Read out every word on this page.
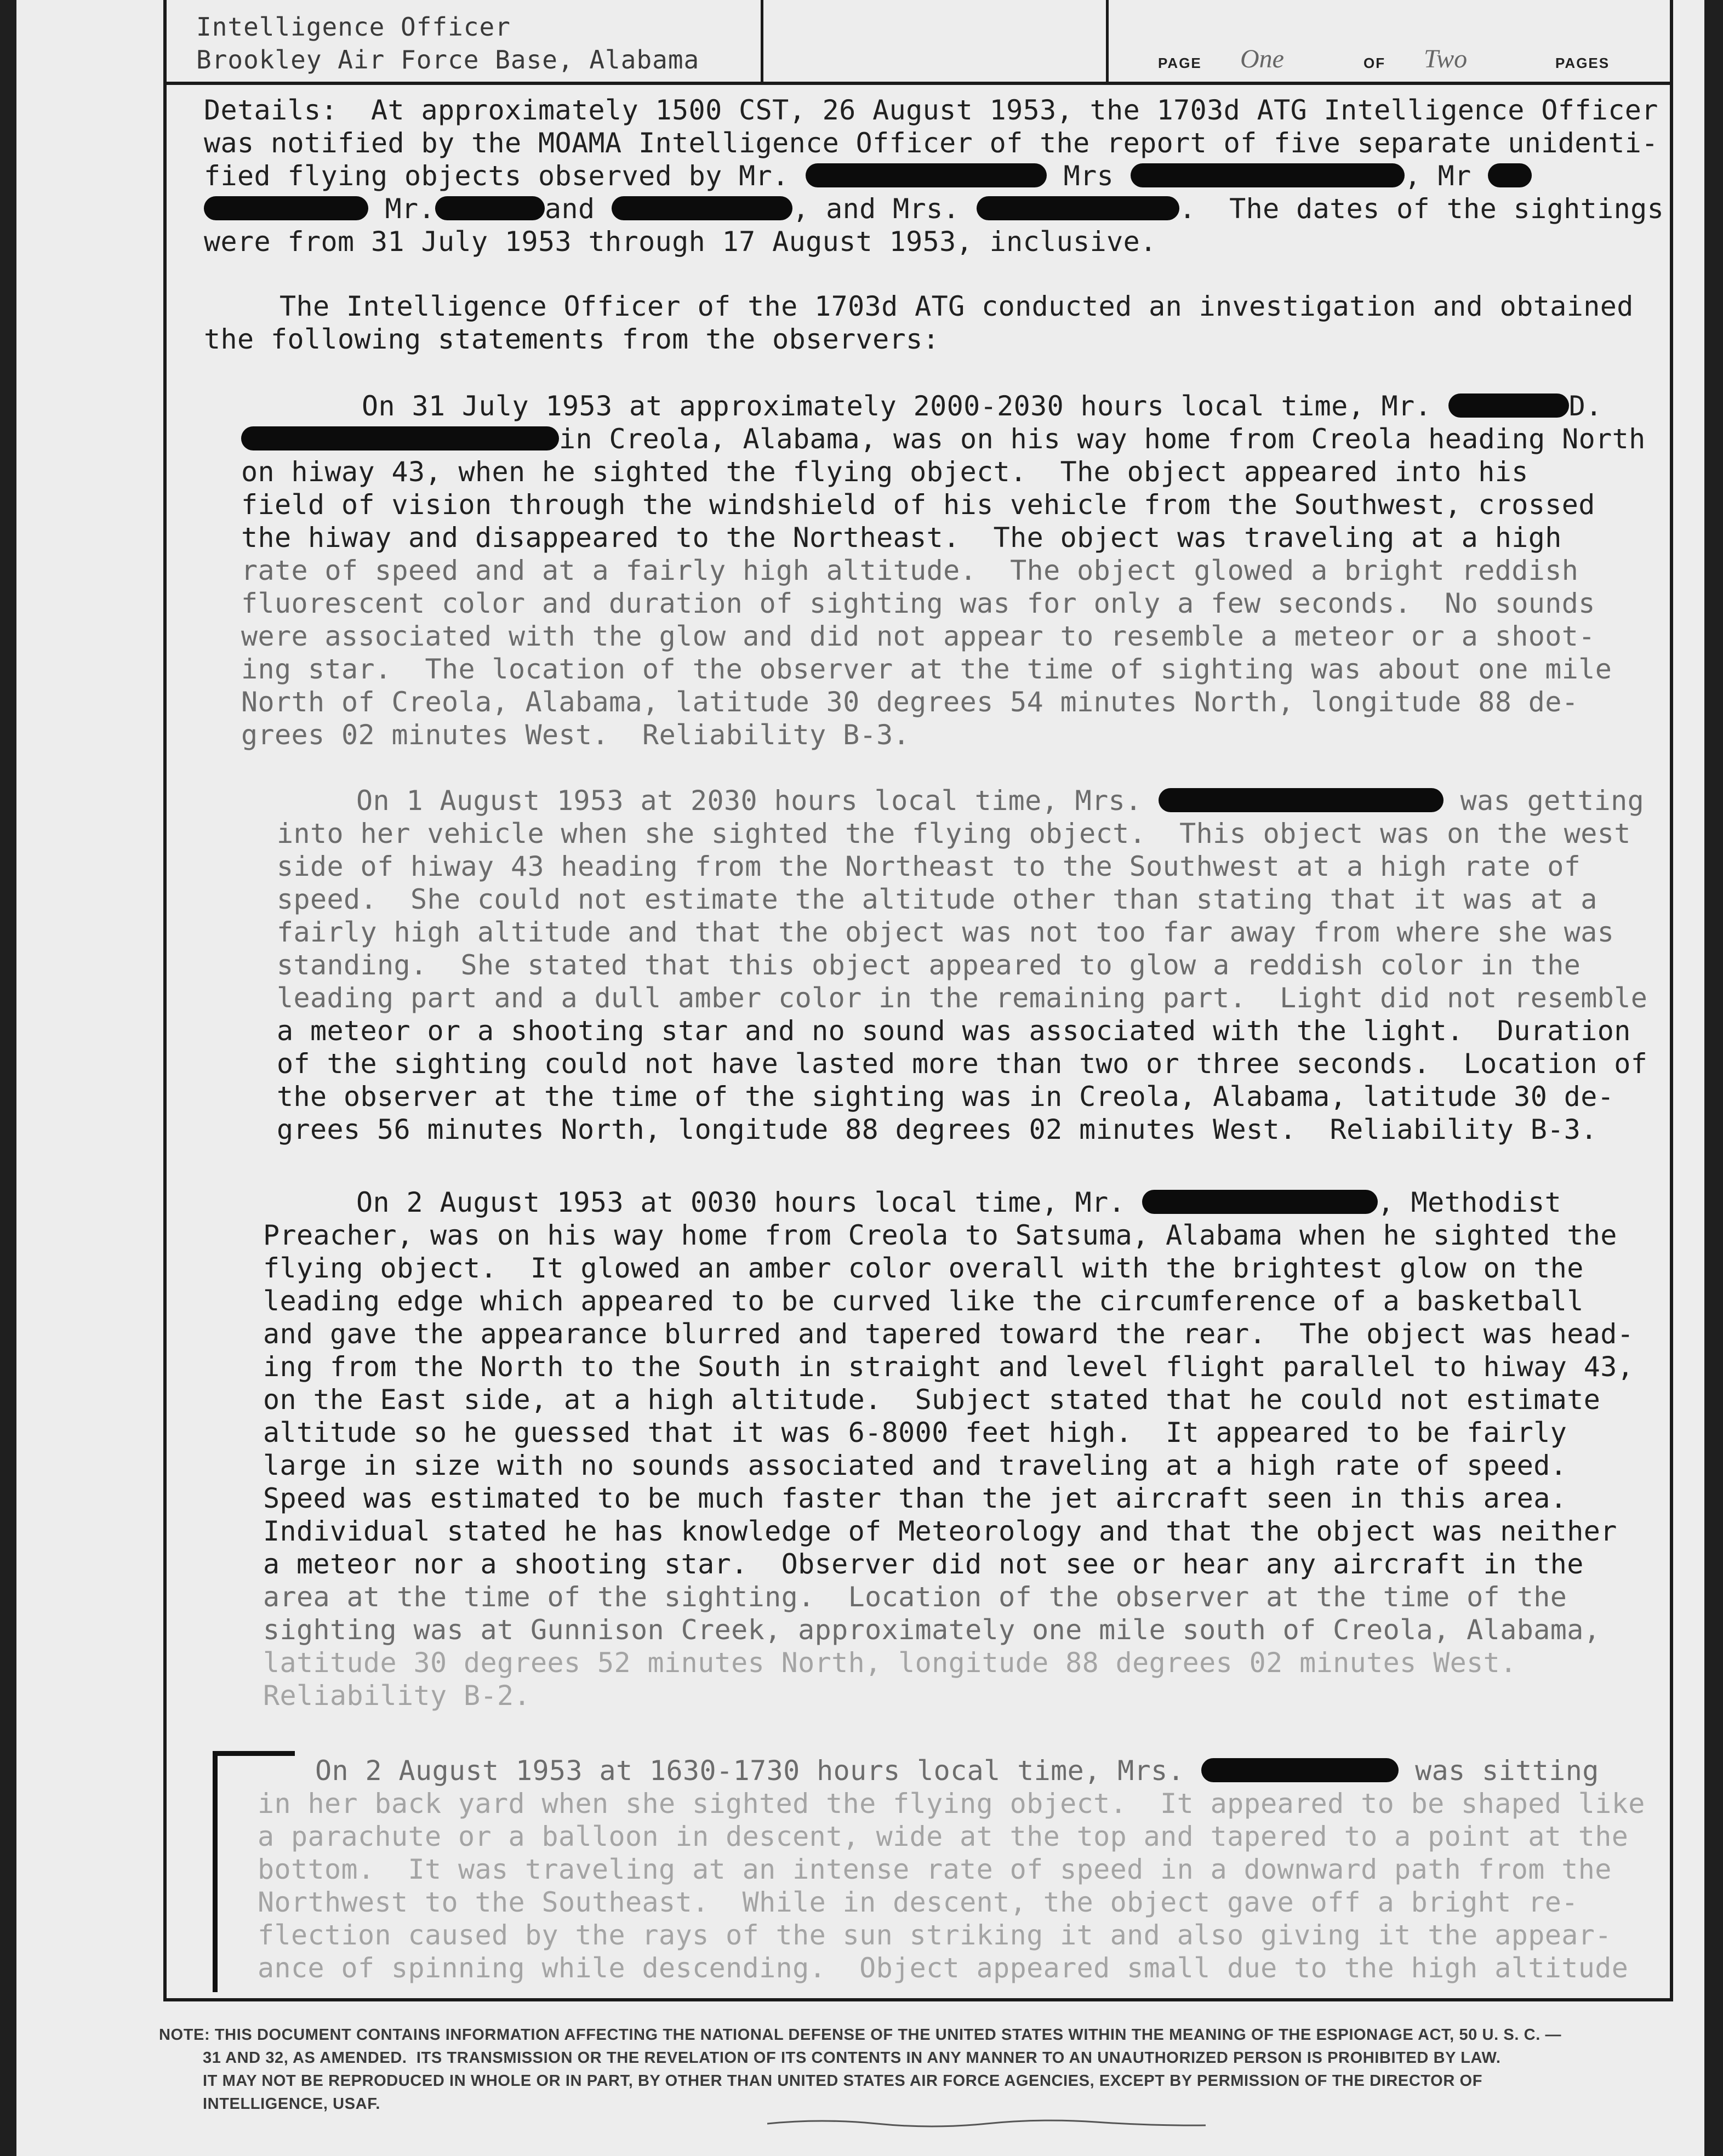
Intelligence Officer
Brookley Air Force Base, Alabama	PAGE One	OF Two	PAGES
Details:  At approximately 1500 CST, 26 August 1953, the 1703d ATG Intelligence Officer
was notified by the MOAMA Intelligence Officer of the report of five separate unidenti-
fied flying objects observed by Mr.	Mrs	, Mr
Mr.	and	, and Mrs.	.  The dates of the sightings
were from 31 July 1953 through 17 August 1953, inclusive.
The Intelligence Officer of the 1703d ATG conducted an investigation and obtained
the following statements from the observers:
On 31 July 1953 at approximately 2000-2030 hours local time, Mr.	D.
in Creola, Alabama, was on his way home from Creola heading North
on hiway 43, when he sighted the flying object.  The object appeared into his
field of vision through the windshield of his vehicle from the Southwest, crossed
the hiway and disappeared to the Northeast.  The object was traveling at a high
rate of speed and at a fairly high altitude.  The object glowed a bright reddish
fluorescent color and duration of sighting was for only a few seconds.  No sounds
were associated with the glow and did not appear to resemble a meteor or a shoot-
ing star.  The location of the observer at the time of sighting was about one mile
North of Creola, Alabama, latitude 30 degrees 54 minutes North, longitude 88 de-
grees 02 minutes West.  Reliability B-3.
On 1 August 1953 at 2030 hours local time, Mrs.	was getting
into her vehicle when she sighted the flying object.  This object was on the west
side of hiway 43 heading from the Northeast to the Southwest at a high rate of
speed.  She could not estimate the altitude other than stating that it was at a
fairly high altitude and that the object was not too far away from where she was
standing.  She stated that this object appeared to glow a reddish color in the
leading part and a dull amber color in the remaining part.  Light did not resemble
a meteor or a shooting star and no sound was associated with the light.  Duration
of the sighting could not have lasted more than two or three seconds.  Location of
the observer at the time of the sighting was in Creola, Alabama, latitude 30 de-
grees 56 minutes North, longitude 88 degrees 02 minutes West.  Reliability B-3.
On 2 August 1953 at 0030 hours local time, Mr.	, Methodist
Preacher, was on his way home from Creola to Satsuma, Alabama when he sighted the
flying object.  It glowed an amber color overall with the brightest glow on the
leading edge which appeared to be curved like the circumference of a basketball
and gave the appearance blurred and tapered toward the rear.  The object was head-
ing from the North to the South in straight and level flight parallel to hiway 43,
on the East side, at a high altitude.  Subject stated that he could not estimate
altitude so he guessed that it was 6-8000 feet high.  It appeared to be fairly
large in size with no sounds associated and traveling at a high rate of speed.
Speed was estimated to be much faster than the jet aircraft seen in this area.
Individual stated he has knowledge of Meteorology and that the object was neither
a meteor nor a shooting star.  Observer did not see or hear any aircraft in the
area at the time of the sighting.  Location of the observer at the time of the
sighting was at Gunnison Creek, approximately one mile south of Creola, Alabama,
latitude 30 degrees 52 minutes North, longitude 88 degrees 02 minutes West.
Reliability B-2.
On 2 August 1953 at 1630-1730 hours local time, Mrs.	was sitting
in her back yard when she sighted the flying object.  It appeared to be shaped like
a parachute or a balloon in descent, wide at the top and tapered to a point at the
bottom.  It was traveling at an intense rate of speed in a downward path from the
Northwest to the Southeast.  While in descent, the object gave off a bright re-
flection caused by the rays of the sun striking it and also giving it the appear-
ance of spinning while descending.  Object appeared small due to the high altitude
NOTE: THIS DOCUMENT CONTAINS INFORMATION AFFECTING THE NATIONAL DEFENSE OF THE UNITED STATES WITHIN THE MEANING OF THE ESPIONAGE ACT, 50 U. S. C. —
31 AND 32, AS AMENDED.  ITS TRANSMISSION OR THE REVELATION OF ITS CONTENTS IN ANY MANNER TO AN UNAUTHORIZED PERSON IS PROHIBITED BY LAW.
IT MAY NOT BE REPRODUCED IN WHOLE OR IN PART, BY OTHER THAN UNITED STATES AIR FORCE AGENCIES, EXCEPT BY PERMISSION OF THE DIRECTOR OF
INTELLIGENCE, USAF.
